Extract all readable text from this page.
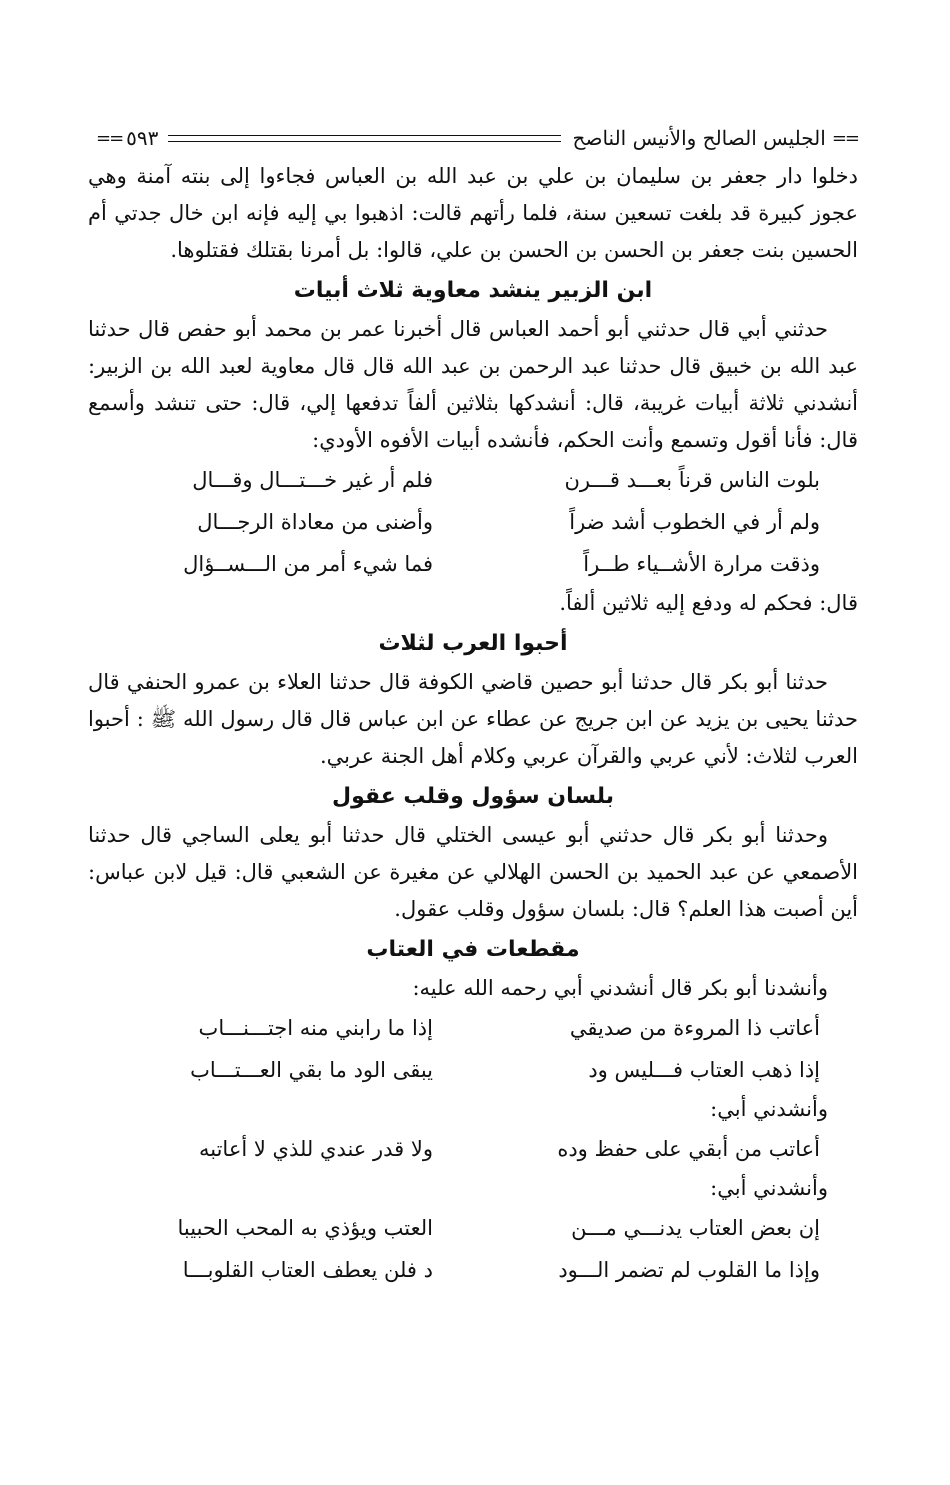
==
الجليس الصالح والأنيس الناصح
٥٩٣
==

دخلوا دار جعفر بن سليمان بن علي بن عبد الله بن العباس فجاءوا إلى بنته آمنة وهي عجوز كبيرة قد بلغت تسعين سنة، فلما رأتهم قالت: اذهبوا بي إليه فإنه ابن خال جدتي أم الحسين بنت جعفر بن الحسن بن الحسن بن علي، قالوا: بل أمرنا بقتلك فقتلوها.

ابن الزبير ينشد معاوية ثلاث أبيات

حدثني أبي قال حدثني أبو أحمد العباس قال أخبرنا عمر بن محمد أبو حفص قال حدثنا عبد الله بن خبيق قال حدثنا عبد الرحمن بن عبد الله قال قال معاوية لعبد الله بن الزبير: أنشدني ثلاثة أبيات غريبة، قال: أنشدكها بثلاثين ألفاً تدفعها إلي، قال: حتى تنشد وأسمع قال: فأنا أقول وتسمع وأنت الحكم، فأنشده أبيات الأفوه الأودي:

بلوت الناس قرناً بعـــد قـــرن
فلم أر غير خـــتـــال وقـــال
ولم أر في الخطوب أشد ضراً
وأضنى من معاداة الرجـــال
وذقت مرارة الأشــياء طــراً
فما شيء أمر من الـــســؤال

قال: فحكم له ودفع إليه ثلاثين ألفاً.

أحبوا العرب لثلاث

حدثنا أبو بكر قال حدثنا أبو حصين قاضي الكوفة قال حدثنا العلاء بن عمرو الحنفي قال حدثنا يحيى بن يزيد عن ابن جريج عن عطاء عن ابن عباس قال قال رسول الله ﷺ : أحبوا العرب لثلاث: لأني عربي والقرآن عربي وكلام أهل الجنة عربي.

بلسان سؤول وقلب عقول

وحدثنا أبو بكر قال حدثني أبو عيسى الختلي قال حدثنا أبو يعلى الساجي قال حدثنا الأصمعي عن عبد الحميد بن الحسن الهلالي عن مغيرة عن الشعبي قال: قيل لابن عباس: أين أصبت هذا العلم؟ قال: بلسان سؤول وقلب عقول.

مقطعات في العتاب

وأنشدنا أبو بكر قال أنشدني أبي رحمه الله عليه:

أعاتب ذا المروءة من صديقي
إذا ما رابني منه اجتـــنـــاب
إذا ذهب العتاب فـــليس ود
يبقى الود ما بقي العـــتـــاب

وأنشدني أبي:

أعاتب من أبقي على حفظ وده
ولا قدر عندي للذي لا أعاتبه

وأنشدني أبي:

إن بعض العتاب يدنـــي مـــن
العتب ويؤذي به المحب الحبيبا
وإذا ما القلوب لم تضمر الـــود
د فلن يعطف العتاب القلوبـــا
